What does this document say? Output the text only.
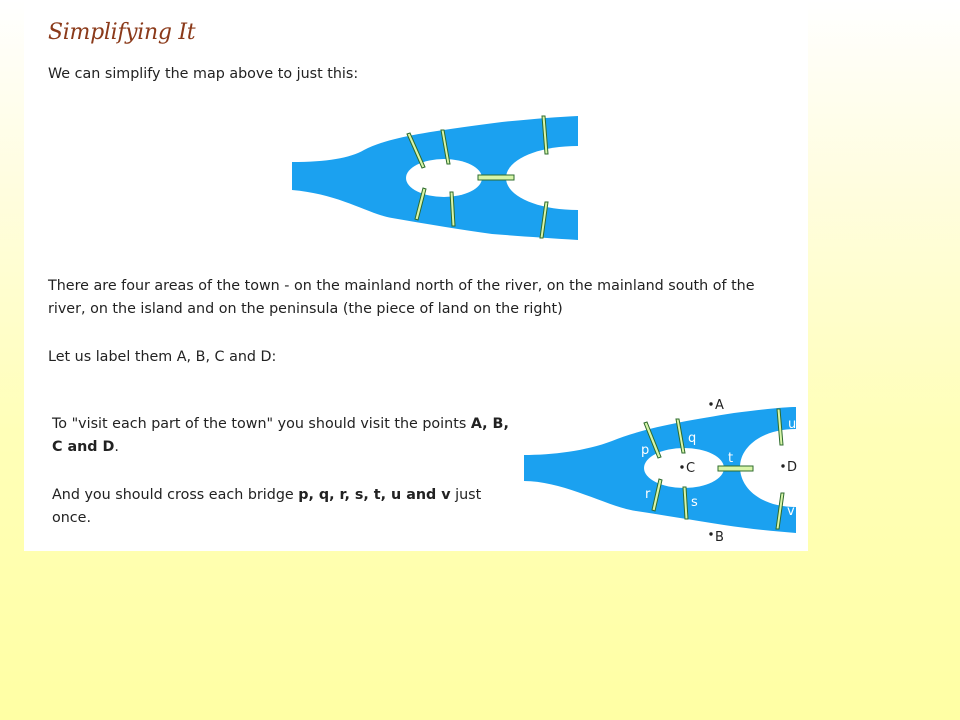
Simplifying It

We can simplify the map above to just this:

There are four areas of the town - on the mainland north of the river, on the mainland south of the river, on the island and on the peninsula (the piece of land on the right)

Let us label them A, B, C and D:

To "visit each part of the town" you should visit the points A, B, C and D.

And you should cross each bridge p, q, r, s, t, u and v just once.

p
q
r
s
t
u
v
A
B
C	D
